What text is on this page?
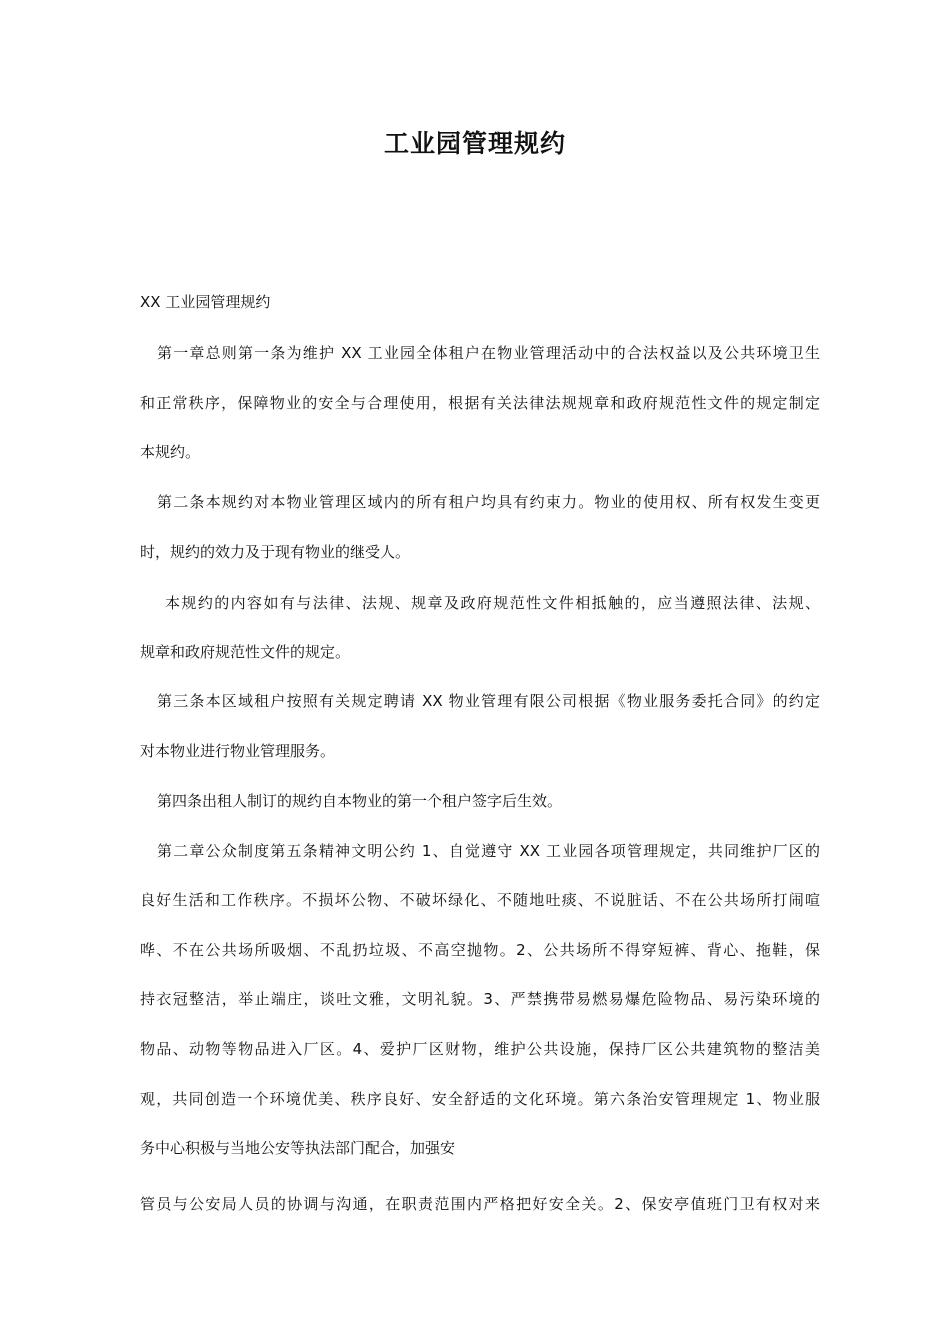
工业园管理规约
XX 工业园管理规约
第一章总则第一条为维护 XX 工业园全体租户在物业管理活动中的合法权益以及公共环境卫生
和正常秩序，保障物业的安全与合理使用，根据有关法律法规规章和政府规范性文件的规定制定
本规约。
第二条本规约对本物业管理区域内的所有租户均具有约束力。物业的使用权、所有权发生变更
时，规约的效力及于现有物业的继受人。
本规约的内容如有与法律、法规、规章及政府规范性文件相抵触的，应当遵照法律、法规、
规章和政府规范性文件的规定。
第三条本区域租户按照有关规定聘请 XX 物业管理有限公司根据《物业服务委托合同》的约定
对本物业进行物业管理服务。
第四条出租人制订的规约自本物业的第一个租户签字后生效。
第二章公众制度第五条精神文明公约 1、自觉遵守 XX 工业园各项管理规定，共同维护厂区的
良好生活和工作秩序。不损坏公物、不破坏绿化、不随地吐痰、不说脏话、不在公共场所打闹喧
哗、不在公共场所吸烟、不乱扔垃圾、不高空抛物。2、公共场所不得穿短裤、背心、拖鞋，保
持衣冠整洁，举止端庄，谈吐文雅，文明礼貌。3、严禁携带易燃易爆危险物品、易污染环境的
物品、动物等物品进入厂区。4、爱护厂区财物，维护公共设施，保持厂区公共建筑物的整洁美
观，共同创造一个环境优美、秩序良好、安全舒适的文化环境。第六条治安管理规定 1、物业服
务中心积极与当地公安等执法部门配合，加强安
管员与公安局人员的协调与沟通，在职责范围内严格把好安全关。2、保安亭值班门卫有权对来
